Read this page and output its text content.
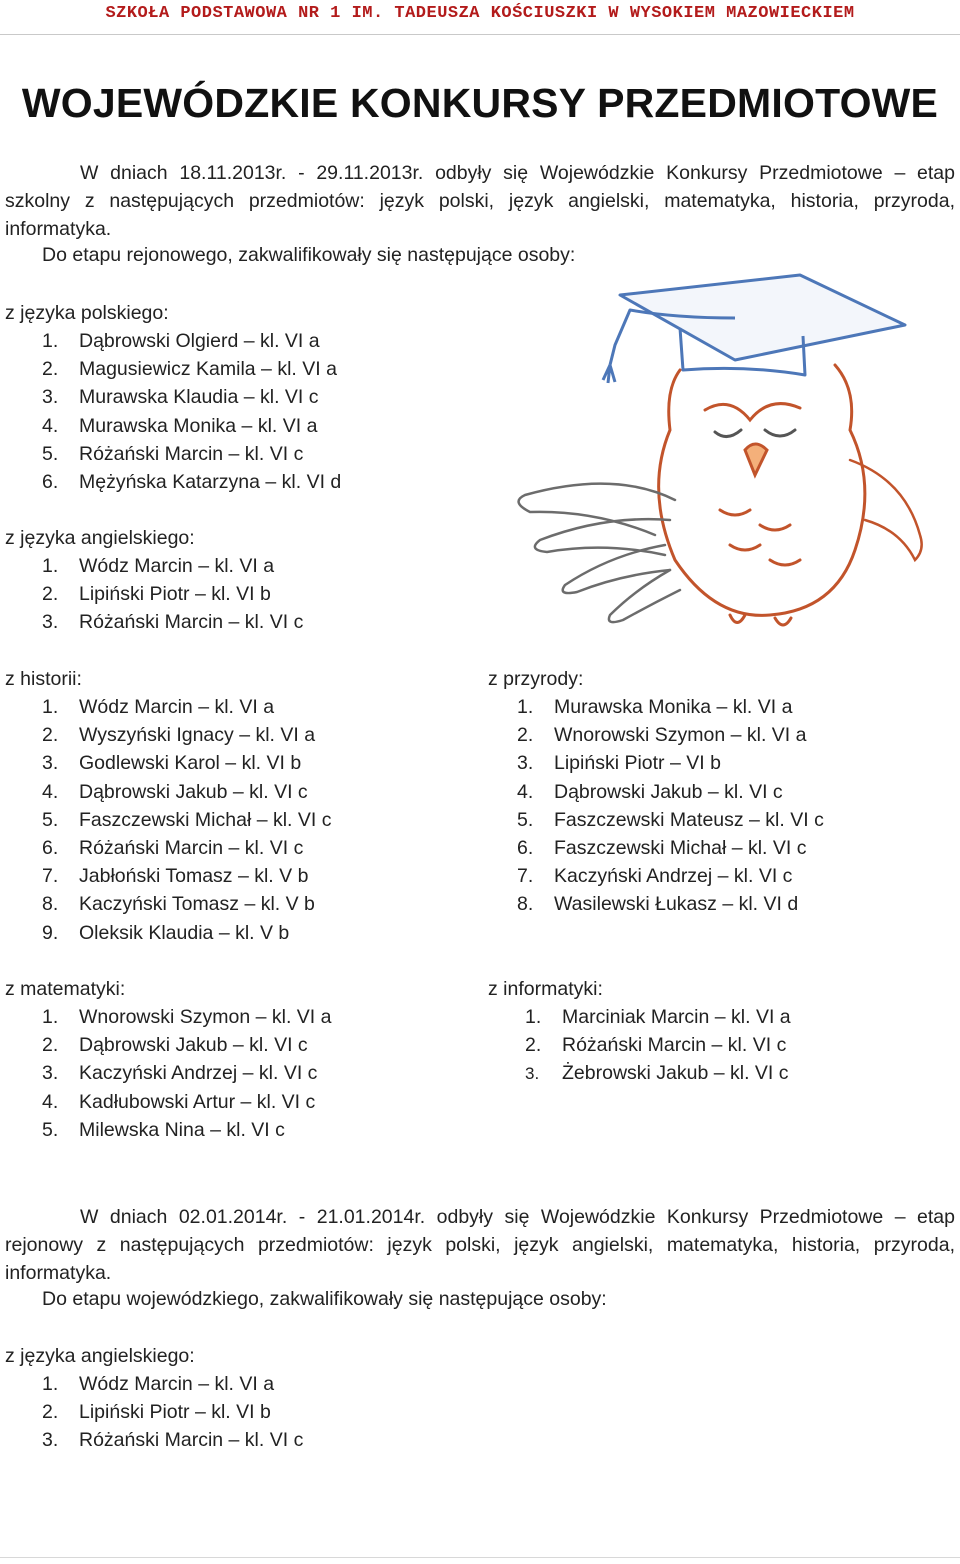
SZKOŁA PODSTAWOWA NR 1 IM. TADEUSZA KOŚCIUSZKI W WYSOKIEM MAZOWIECKIEM
WOJEWÓDZKIE KONKURSY PRZEDMIOTOWE
W dniach 18.11.2013r. - 29.11.2013r. odbyły się Wojewódzkie Konkursy Przedmiotowe – etap szkolny z następujących przedmiotów: język polski, język angielski, matematyka, historia, przyroda, informatyka.
Do etapu rejonowego, zakwalifikowały się następujące osoby:
z języka polskiego:
1. Dąbrowski Olgierd – kl. VI a
2. Magusiewicz Kamila – kl. VI a
3. Murawska Klaudia – kl. VI c
4. Murawska Monika – kl. VI a
5. Różański Marcin – kl. VI c
6. Mężyńska Katarzyna – kl. VI d
z języka angielskiego:
1. Wódz Marcin – kl. VI a
2. Lipiński Piotr – kl. VI b
3. Różański Marcin – kl. VI c
z historii:
1. Wódz Marcin – kl. VI a
2. Wyszyński Ignacy – kl. VI a
3. Godlewski Karol – kl. VI b
4. Dąbrowski Jakub – kl. VI c
5. Faszczewski Michał – kl. VI c
6. Różański Marcin – kl. VI c
7. Jabłoński Tomasz – kl. V b
8. Kaczyński Tomasz – kl. V b
9. Oleksik Klaudia – kl. V b
z przyrody:
1. Murawska Monika – kl. VI a
2. Wnorowski Szymon – kl. VI a
3. Lipiński Piotr – VI b
4. Dąbrowski Jakub – kl. VI c
5. Faszczewski Mateusz – kl. VI c
6. Faszczewski Michał – kl. VI c
7. Kaczyński Andrzej – kl. VI c
8. Wasilewski Łukasz – kl. VI d
z matematyki:
1. Wnorowski Szymon – kl. VI a
2. Dąbrowski Jakub – kl. VI c
3. Kaczyński Andrzej – kl. VI c
4. Kadłubowski Artur – kl. VI c
5. Milewska Nina – kl. VI c
z informatyki:
1. Marciniak Marcin – kl. VI a
2. Różański Marcin – kl. VI c
3. Żebrowski Jakub – kl. VI c
W dniach 02.01.2014r. - 21.01.2014r. odbyły się Wojewódzkie Konkursy Przedmiotowe – etap rejonowy z następujących przedmiotów: język polski, język angielski, matematyka, historia, przyroda, informatyka.
Do etapu wojewódzkiego, zakwalifikowały się następujące osoby:
z języka angielskiego:
1. Wódz Marcin – kl. VI a
2. Lipiński Piotr – kl. VI b
3. Różański Marcin – kl. VI c
